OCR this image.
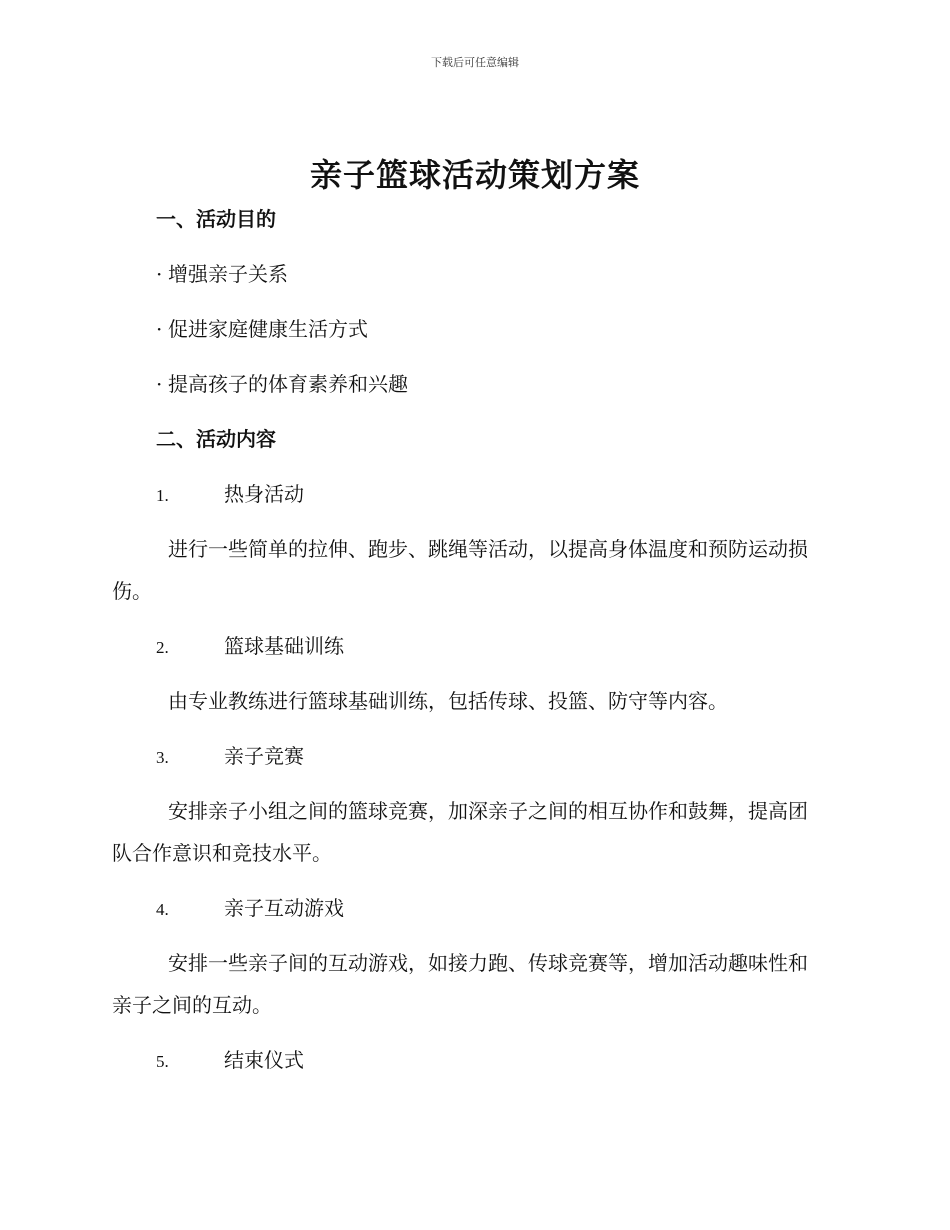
下载后可任意编辑
亲子篮球活动策划方案
一、活动目的
· 增强亲子关系
· 促进家庭健康生活方式
· 提高孩子的体育素养和兴趣
二、活动内容
1.	热身活动
进行一些简单的拉伸、跑步、跳绳等活动，以提高身体温度和预防运动损伤。
2.	篮球基础训练
由专业教练进行篮球基础训练，包括传球、投篮、防守等内容。
3.	亲子竞赛
安排亲子小组之间的篮球竞赛，加深亲子之间的相互协作和鼓舞，提高团队合作意识和竞技水平。
4.	亲子互动游戏
安排一些亲子间的互动游戏，如接力跑、传球竞赛等，增加活动趣味性和亲子之间的互动。
5.	结束仪式
